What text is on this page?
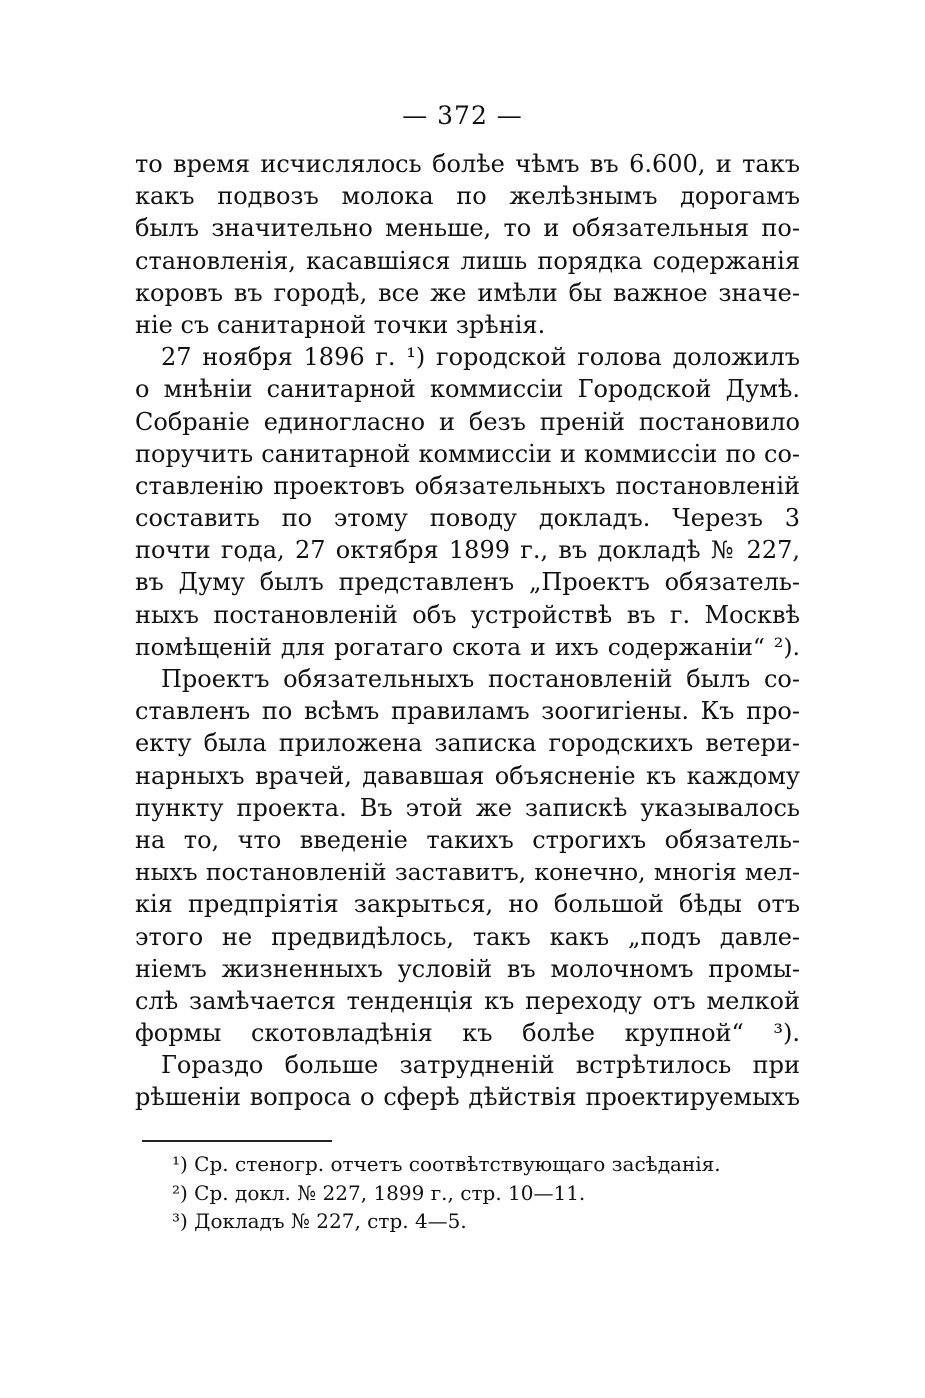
— 372 —
то время исчислялось болѣе чѣмъ въ 6.600, и такъ
какъ подвозъ молока по желѣзнымъ дорогамъ
былъ значительно меньше, то и обязательныя по-
становленія, касавшіяся лишь порядка содержанія
коровъ въ городѣ, все же имѣли бы важное значе-
ніе съ санитарной точки зрѣнія.
27 ноября 1896 г. ¹) городской голова доложилъ
о мнѣніи санитарной коммиссіи Городской Думѣ.
Собраніе единогласно и безъ преній постановило
поручить санитарной коммиссіи и коммиссіи по со-
ставленію проектовъ обязательныхъ постановленій
составить по этому поводу докладъ. Черезъ 3
почти года, 27 октября 1899 г., въ докладѣ № 227,
въ Думу былъ представленъ „Проектъ обязатель-
ныхъ постановленій объ устройствѣ въ г. Москвѣ
помѣщеній для рогатаго скота и ихъ содержаніи“ ²).
Проектъ обязательныхъ постановленій былъ со-
ставленъ по всѣмъ правиламъ зоогигіены. Къ про-
екту была приложена записка городскихъ ветери-
нарныхъ врачей, дававшая объясненіе къ каждому
пункту проекта. Въ этой же запискѣ указывалось
на то, что введеніе такихъ строгихъ обязатель-
ныхъ постановленій заставитъ, конечно, многія мел-
кія предпріятія закрыться, но большой бѣды отъ
этого не предвидѣлось, такъ какъ „подъ давле-
ніемъ жизненныхъ условій въ молочномъ промы-
слѣ замѣчается тенденція къ переходу отъ мелкой
формы скотовладѣнія къ болѣе крупной“ ³).
Гораздо больше затрудненій встрѣтилось при
рѣшеніи вопроса о сферѣ дѣйствія проектируемыхъ
¹) Ср. стеногр. отчетъ соотвѣтствующаго засѣданія.
²) Ср. докл. № 227, 1899 г., стр. 10—11.
³) Докладъ № 227, стр. 4—5.
